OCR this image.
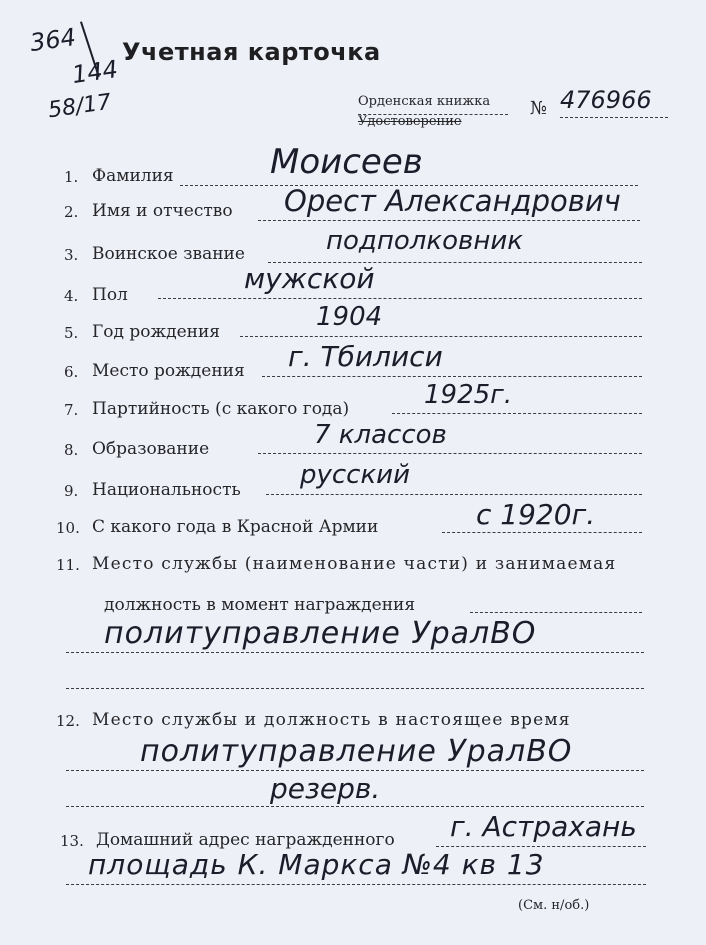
364
144
58/17
Учетная карточка
Орденская книжка
Удостоверение
№ 476966
1. Фамилия	Моисеев
2. Имя и отчество Орест Александрович
3. Воинское звание	подполковник
4. Пол	мужской
5. Год рождения	1904
6. Место рождения г. Тбилиси
7. Партийность (с какого года)	1925г.
8. Образование	7 классов
9. Национальность русский
10. С какого года в Красной Армии	с 1920г.
11. Место службы (наименование части) и занимаемая
должность в момент награждения
политуправление УралВО
12. Место службы и должность в настоящее время
политуправление УралВО
резерв.
13. Домашний адрес награжденного г. Астрахань
площадь К. Маркса №4 кв 13
(См. н/об.)
